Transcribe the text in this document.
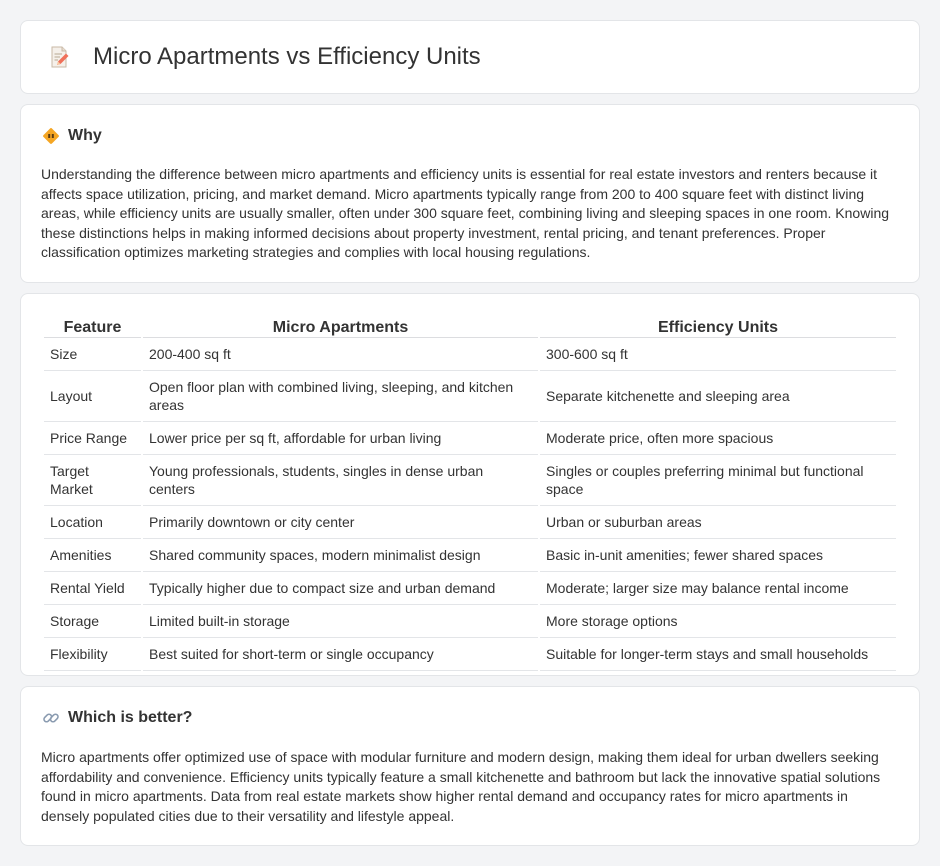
Micro Apartments vs Efficiency Units
Why

Understanding the difference between micro apartments and efficiency units is essential for real estate investors and renters because it affects space utilization, pricing, and market demand. Micro apartments typically range from 200 to 400 square feet with distinct living areas, while efficiency units are usually smaller, often under 300 square feet, combining living and sleeping spaces in one room. Knowing these distinctions helps in making informed decisions about property investment, rental pricing, and tenant preferences. Proper classification optimizes marketing strategies and complies with local housing regulations.

Feature	Micro Apartments	Efficiency Units
Size	200-400 sq ft	300-600 sq ft
Layout	Open floor plan with combined living, sleeping, and kitchen areas	Separate kitchenette and sleeping area
Price Range	Lower price per sq ft, affordable for urban living	Moderate price, often more spacious
Target Market	Young professionals, students, singles in dense urban centers	Singles or couples preferring minimal but functional space
Location	Primarily downtown or city center	Urban or suburban areas
Amenities	Shared community spaces, modern minimalist design	Basic in-unit amenities; fewer shared spaces
Rental Yield	Typically higher due to compact size and urban demand	Moderate; larger size may balance rental income
Storage	Limited built-in storage	More storage options
Flexibility	Best suited for short-term or single occupancy	Suitable for longer-term stays and small households
Which is better?

Micro apartments offer optimized use of space with modular furniture and modern design, making them ideal for urban dwellers seeking affordability and convenience. Efficiency units typically feature a small kitchenette and bathroom but lack the innovative spatial solutions found in micro apartments. Data from real estate markets show higher rental demand and occupancy rates for micro apartments in densely populated cities due to their versatility and lifestyle appeal.
